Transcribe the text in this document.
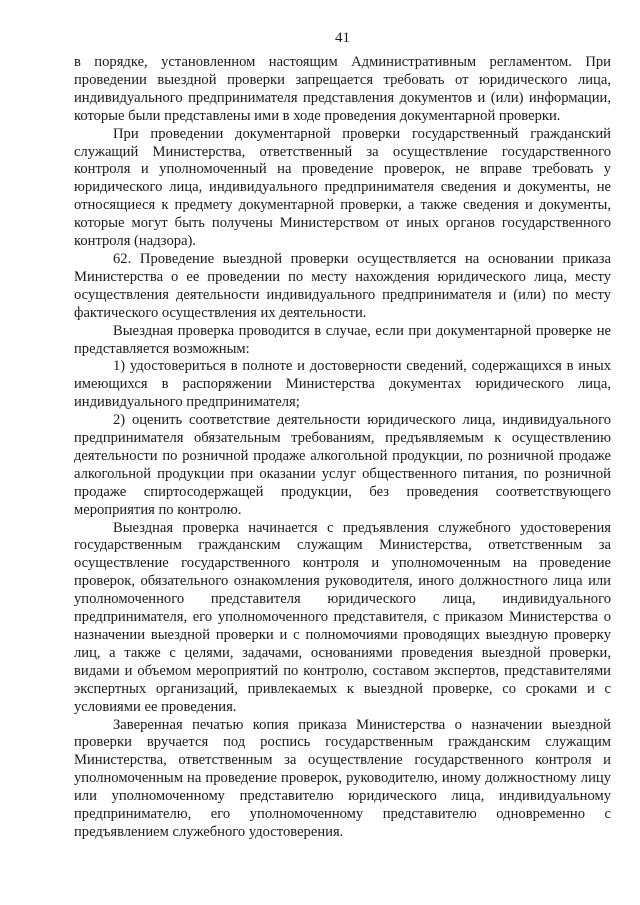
41

в порядке, установленном настоящим Административным регламентом. При проведении выездной проверки запрещается требовать от юридического лица, индивидуального предпринимателя представления документов и (или) информации, которые были представлены ими в ходе проведения документарной проверки.

При проведении документарной проверки государственный гражданский служащий Министерства, ответственный за осуществление государственного контроля и уполномоченный на проведение проверок, не вправе требовать у юридического лица, индивидуального предпринимателя сведения и документы, не относящиеся к предмету документарной проверки, а также сведения и документы, которые могут быть получены Министерством от иных органов государственного контроля (надзора).

62. Проведение выездной проверки осуществляется на основании приказа Министерства о ее проведении по месту нахождения юридического лица, месту осуществления деятельности индивидуального предпринимателя и (или) по месту фактического осуществления их деятельности.

Выездная проверка проводится в случае, если при документарной проверке не представляется возможным:

1) удостовериться в полноте и достоверности сведений, содержащихся в иных имеющихся в распоряжении Министерства документах юридического лица, индивидуального предпринимателя;

2) оценить соответствие деятельности юридического лица, индивидуального предпринимателя обязательным требованиям, предъявляемым к осуществлению деятельности по розничной продаже алкогольной продукции, по розничной продаже алкогольной продукции при оказании услуг общественного питания, по розничной продаже спиртосодержащей продукции, без проведения соответствующего мероприятия по контролю.

Выездная проверка начинается с предъявления служебного удостоверения государственным гражданским служащим Министерства, ответственным за осуществление государственного контроля и уполномоченным на проведение проверок, обязательного ознакомления руководителя, иного должностного лица или уполномоченного представителя юридического лица, индивидуального предпринимателя, его уполномоченного представителя, с приказом Министерства о назначении выездной проверки и с полномочиями проводящих выездную проверку лиц, а также с целями, задачами, основаниями проведения выездной проверки, видами и объемом мероприятий по контролю, составом экспертов, представителями экспертных организаций, привлекаемых к выездной проверке, со сроками и с условиями ее проведения.

Заверенная печатью копия приказа Министерства о назначении выездной проверки вручается под роспись государственным гражданским служащим Министерства, ответственным за осуществление государственного контроля и уполномоченным на проведение проверок, руководителю, иному должностному лицу или уполномоченному представителю юридического лица, индивидуальному предпринимателю, его уполномоченному представителю одновременно с предъявлением служебного удостоверения.
